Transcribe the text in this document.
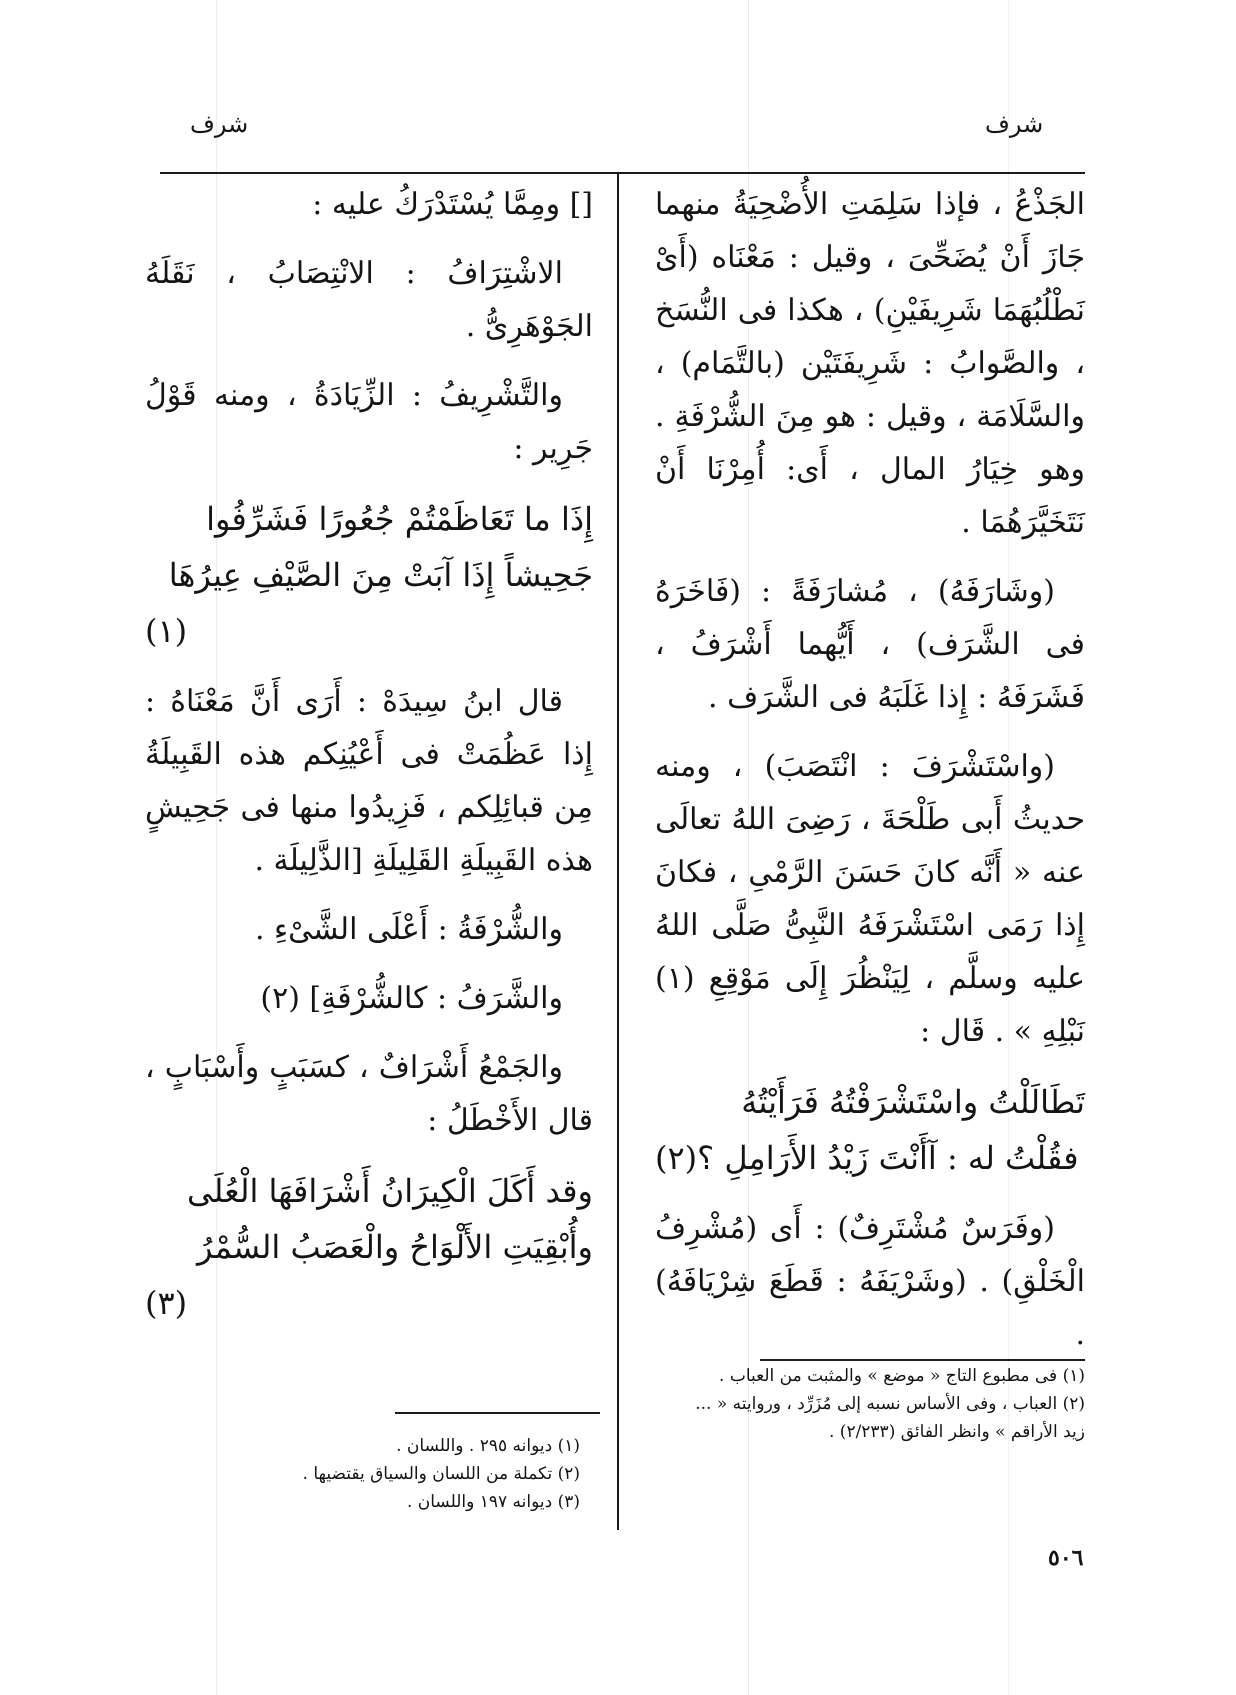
شرف
شرف

الجَذْعُ ، فإذا سَلِمَتِ الأُضْحِيَةُ منهما جَازَ أَنْ يُضَحِّىَ ، وقيل : مَعْنَاه (أَىْ نَطْلُبُهَمَا شَرِيفَيْنِ) ، هكذا فى النُّسَخ ، والصَّوابُ : شَرِيفَتَيْن (بالتَّمَام) ، والسَّلَامَة ، وقيل : هو مِنَ الشُّرْفَةِ . وهو خِيَارُ المال ، أَى: أُمِرْنَا أَنْ نَتَخَيَّرَهُمَا .

(وشَارَفَهُ) ، مُشارَفَةً : (فَاخَرَهُ فى الشَّرَف) ، أَيُّهما أَشْرَفُ ، فَشَرَفَهُ : إِذا غَلَبَهُ فى الشَّرَف .

(واسْتَشْرَفَ : انْتَصَبَ) ، ومنه حديثُ أَبى طَلْحَةَ ، رَضِىَ اللهُ تعالَى عنه « أَنَّه كانَ حَسَنَ الرَّمْىِ ، فكانَ إِذا رَمَى اسْتَشْرَفَهُ النَّبِىُّ صَلَّى اللهُ عليه وسلَّم ، لِيَنْظُرَ إِلَى مَوْقِعِ (١) نَبْلِهِ » . قَال :

تَطَالَلْتُ واسْتَشْرَفْتُهُ فَرَأَيْتُهُ

فقُلْتُ له : آأَنْتَ زَيْدُ الأَرَامِلِ ؟(٢)

(وفَرَسٌ مُشْتَرِفٌ) : أَى (مُشْرِفُ الْخَلْقِ) . (وشَرْيَفَهُ : قَطَعَ شِرْيَافَهُ) .

(١) فى مطبوع التاج « موضع » والمثبت من العباب .

(٢) العباب ، وفى الأساس نسبه إلى مُزَرِّد ، وروايته « ... زيد الأراقم » وانظر الفائق (٢/٢٣٣) .

[] ومِمَّا يُسْتَدْرَكُ عليه :

الاشْتِرَافُ : الانْتِصَابُ ، نَقَلَهُ الجَوْهَرِىُّ .

والتَّشْرِيفُ : الزِّيَادَةُ ، ومنه قَوْلُ جَرِير :

إِذَا ما تَعَاظَمْتُمْ جُعُورًا فَشَرِّفُوا

جَحِيشاً إِذَا آبَتْ مِنَ الصَّيْفِ عِيرُهَا (١)

قال ابنُ سِيدَهْ : أَرَى أَنَّ مَعْنَاهُ : إِذا عَظُمَتْ فى أَعْيُنِكم هذه القَبِيلَةُ مِن قبائِلِكم ، فَزِيدُوا منها فى جَحِيشٍ هذه القَبِيلَةِ القَلِيلَةِ [الذَّلِيلَة .

والشُّرْفَةُ : أَعْلَى الشَّىْءِ .

والشَّرَفُ : كالشُّرْفَةِ] (٢)

والجَمْعُ أَشْرَافٌ ، كسَبَبٍ وأَسْبَابٍ ، قال الأَخْطَلُ :

وقد أَكَلَ الْكِيرَانُ أَشْرَافَهَا الْعُلَى

وأُبْقِيَتِ الأَلْوَاحُ والْعَصَبُ السُّمْرُ (٣)

(١) ديوانه ٢٩٥ . واللسان .

(٢) تكملة من اللسان والسياق يقتضيها .

(٣) ديوانه ١٩٧ واللسان .

٥٠٦
